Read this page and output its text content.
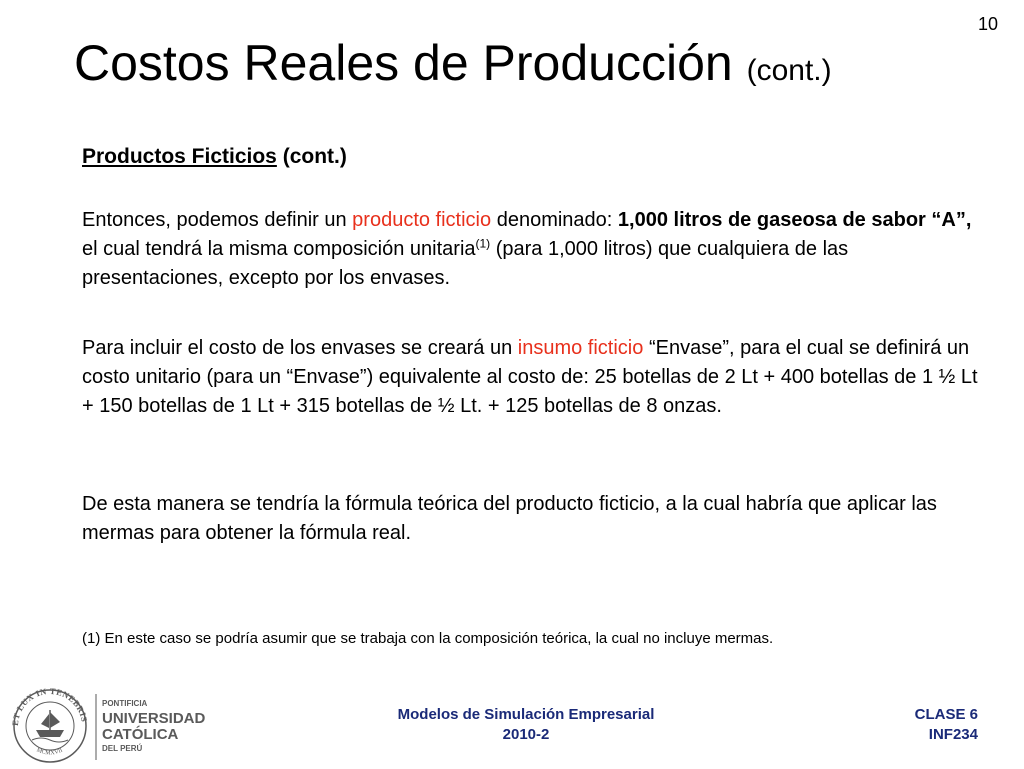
10
Costos Reales de Producción (cont.)
Productos Ficticios (cont.)

Entonces, podemos definir un producto ficticio denominado: 1,000 litros de gaseosa de sabor “A”, el cual tendrá la misma composición unitaria$^{(1)}$ (para 1,000 litros) que cualquiera de las presentaciones, excepto por los envases.

Para incluir el costo de los envases se creará un insumo ficticio “Envase”, para el cual se definirá un costo unitario (para un “Envase”) equivalente al costo de: 25 botellas de 2 Lt + 400 botellas de 1 ½ Lt + 150 botellas de 1 Lt + 315 botellas de ½ Lt. + 125 botellas de 8 onzas.

De esta manera se tendría la fórmula teórica del producto ficticio, a la cual habría que aplicar las mermas para obtener la fórmula real.

(1) En este caso se podría asumir que se trabaja con la composición teórica, la cual no incluye mermas.
ET LUX IN TENEBRIS
MCMXVII
PONTIFICIA
UNIVERSIDAD
CATÓLICA
DEL PERÚ
Modelos de Simulación Empresarial
2010-2
CLASE 6
INF234
